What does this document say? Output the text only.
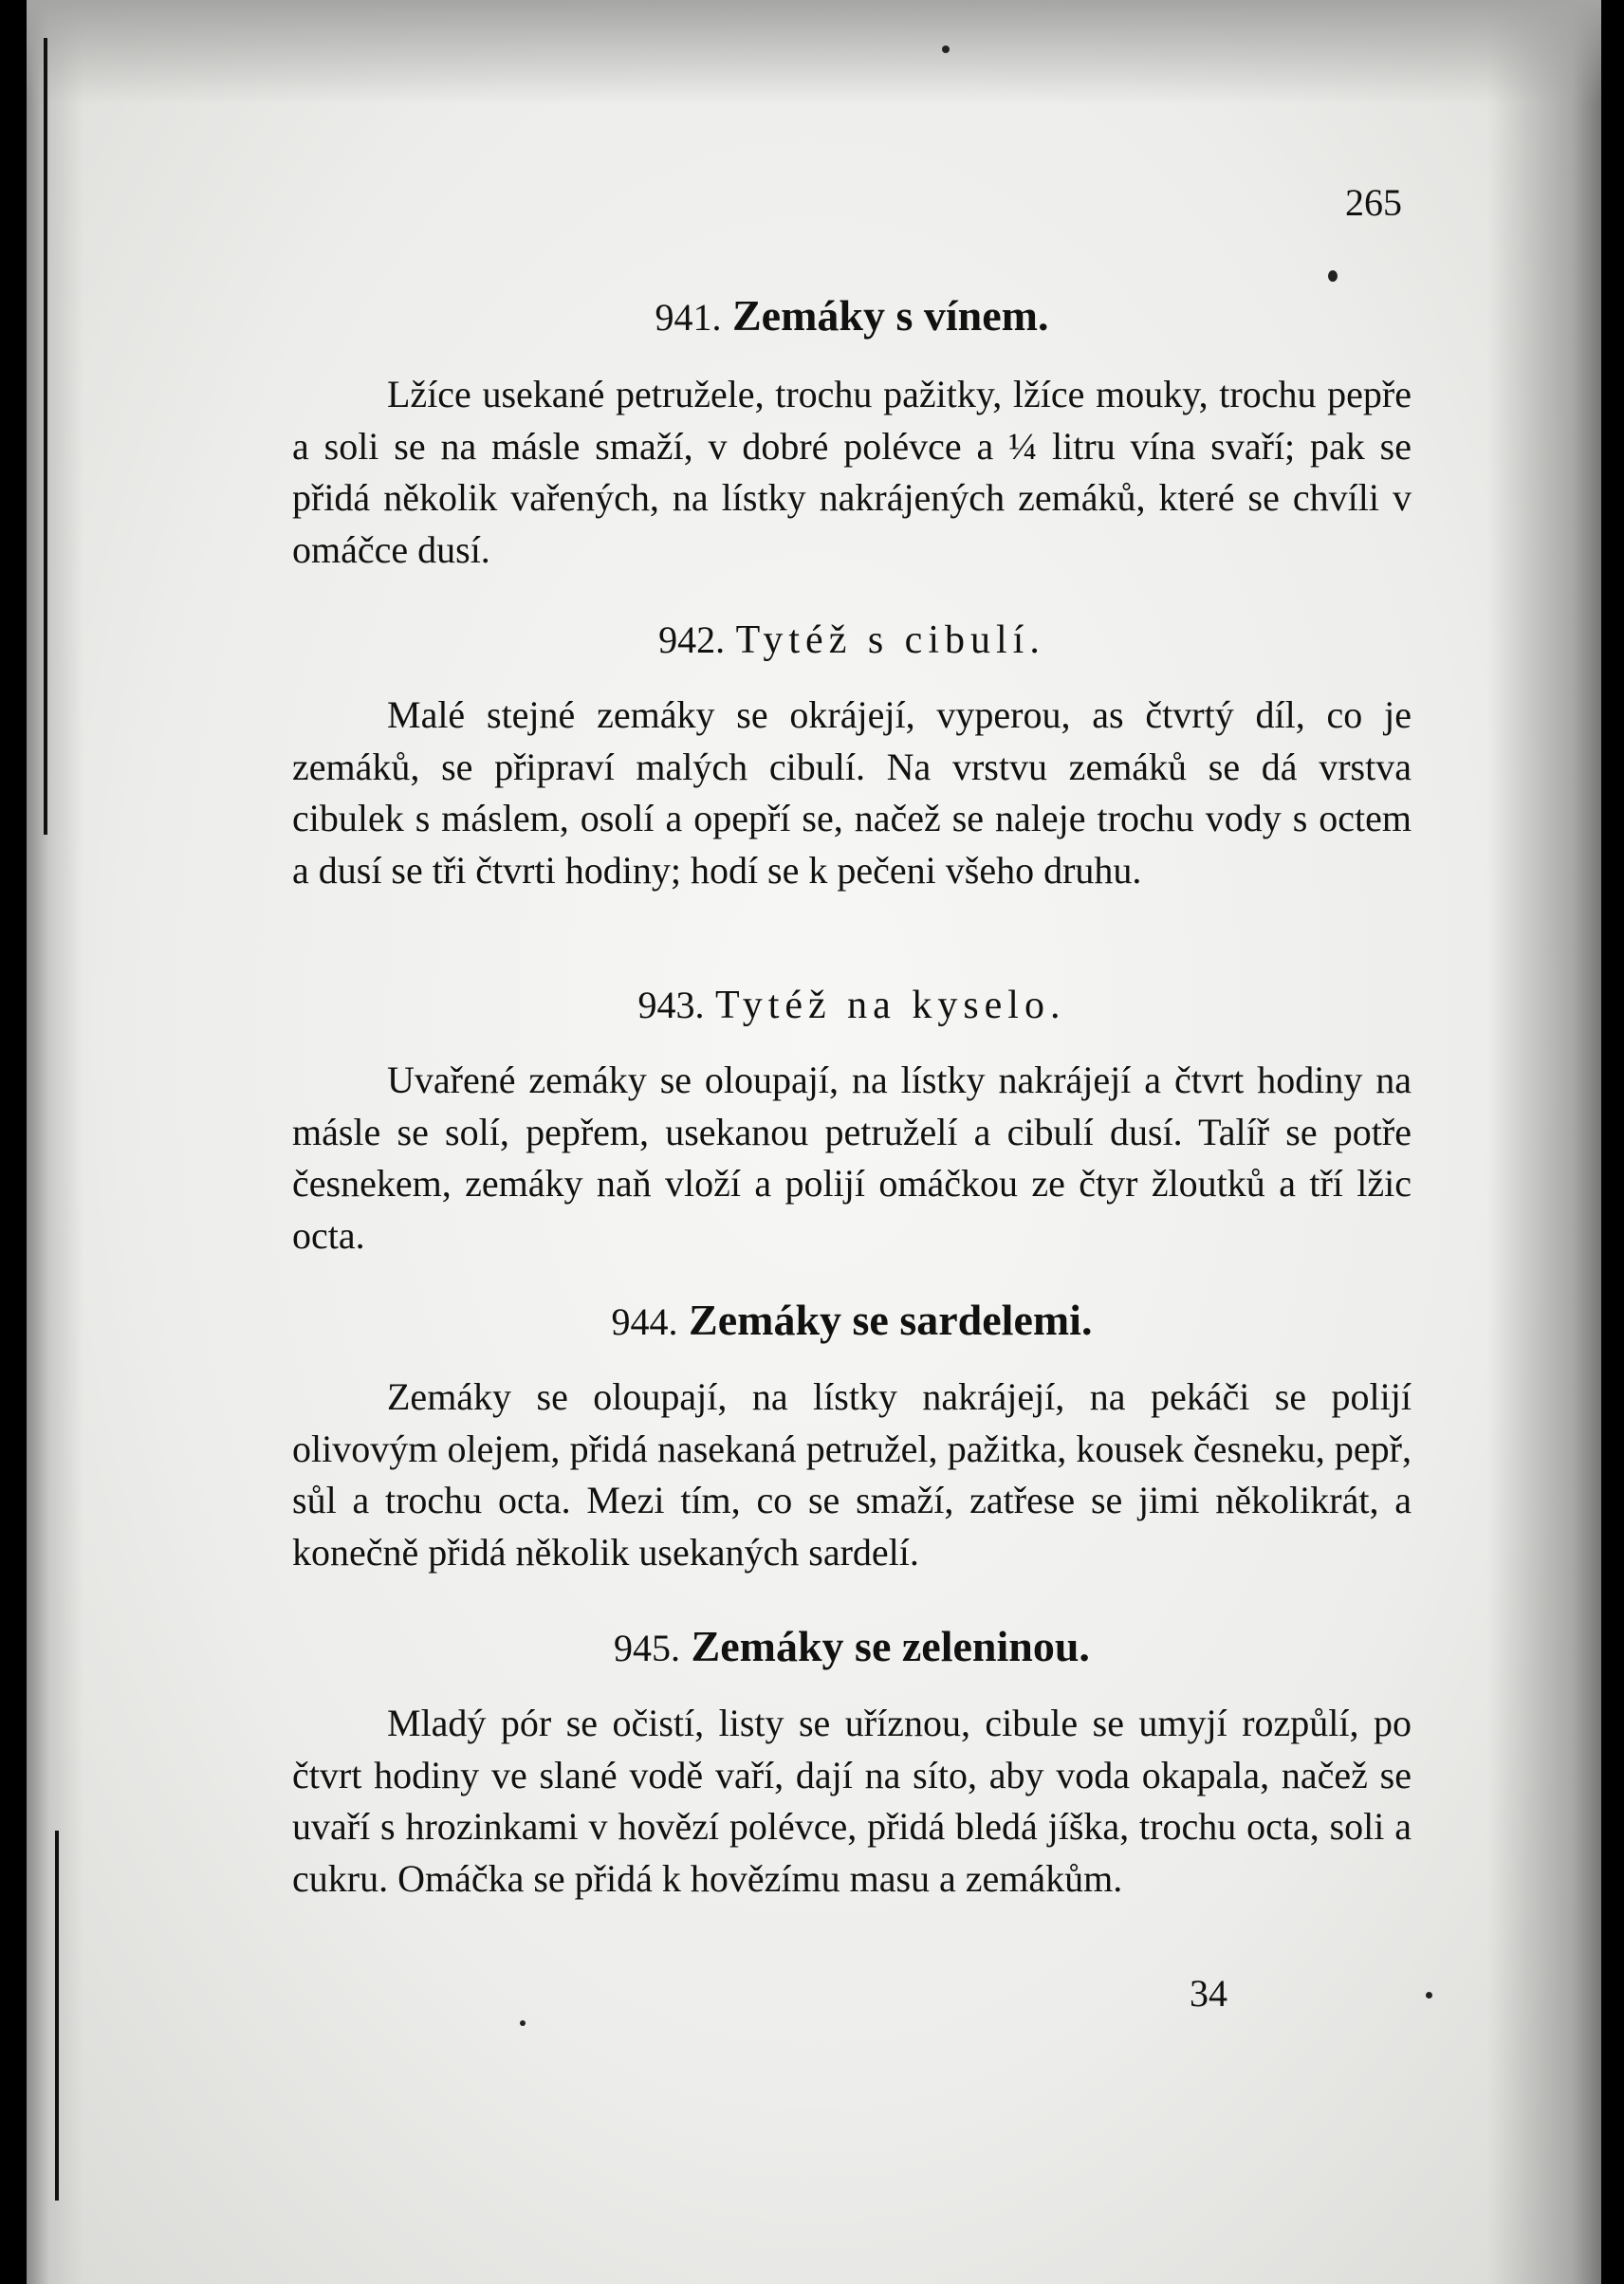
265
941. Zemáky s vínem.

Lžíce usekané petružele, trochu pažitky, lžíce mouky, trochu pepře a soli se na másle smaží, v dobré polévce a ¼ litru vína svaří; pak se přidá několik vařených, na lístky nakrájených zemáků, které se chvíli v omáčce dusí.

942. Tytéž s cibulí.

Malé stejné zemáky se okrájejí, vyperou, as čtvrtý díl, co je zemáků, se připraví malých cibulí. Na vrstvu zemáků se dá vrstva cibulek s máslem, osolí a opepří se, načež se naleje trochu vody s octem a dusí se tři čtvrti hodiny; hodí se k pečeni všeho druhu.

943. Tytéž na kyselo.

Uvařené zemáky se oloupají, na lístky nakrájejí a čtvrt hodiny na másle se solí, pepřem, usekanou petruželí a cibulí dusí. Talíř se potře česnekem, zemáky naň vloží a polijí omáčkou ze čtyr žloutků a tří lžic octa.

944. Zemáky se sardelemi.

Zemáky se oloupají, na lístky nakrájejí, na pekáči se polijí olivovým olejem, přidá nasekaná petružel, pažitka, kousek česneku, pepř, sůl a trochu octa. Mezi tím, co se smaží, zatřese se jimi několikrát, a konečně přidá několik usekaných sardelí.

945. Zemáky se zeleninou.

Mladý pór se očistí, listy se uříznou, cibule se umyjí rozpůlí, po čtvrt hodiny ve slané vodě vaří, dají na síto, aby voda okapala, načež se uvaří s hrozinkami v hovězí polévce, přidá bledá jíška, trochu octa, soli a cukru. Omáčka se přidá k hovězímu masu a zemákům.

34
